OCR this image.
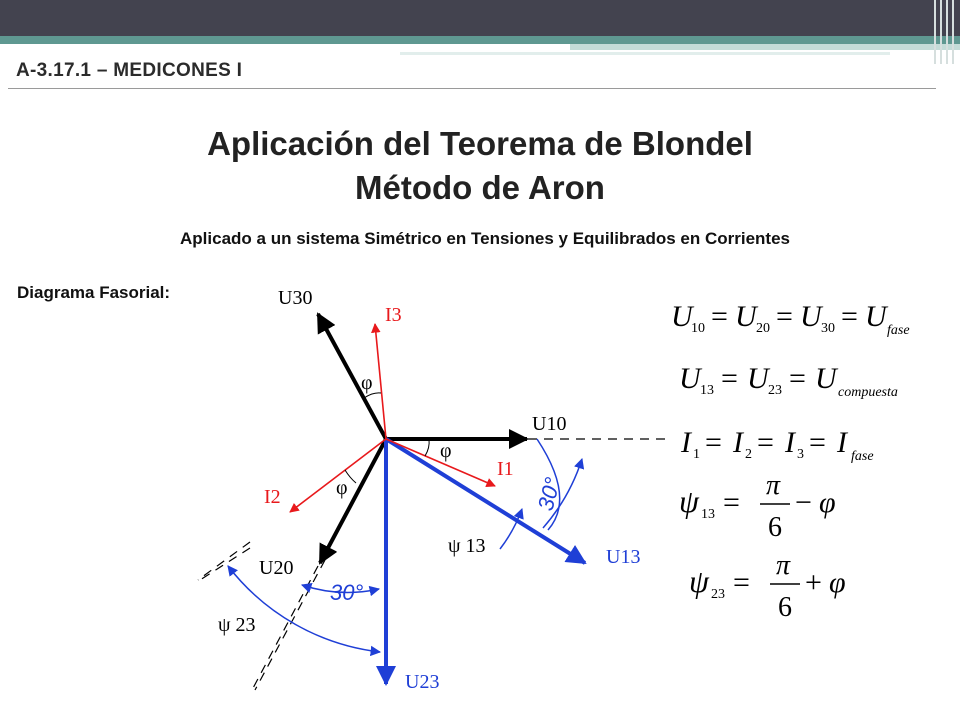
A-3.17.1 – MEDICONES I
Aplicación del Teorema de Blondel
Método de Aron

Aplicado a un sistema Simétrico en Tensiones y Equilibrados en Corrientes

Diagrama Fasorial:	U30
I3
φ
U10
φ
I1
φ
I2
ψ 13	U13
U20
ψ 23
U23
30°
30°
U
10 = U 20 = U 30 = U fase
U 13 = U 23 = U compuesta
I 1 = I 2 = I 3 = I fase
ψ 13 =
π
6
− φ
ψ 23 =
π
6
+ φ
